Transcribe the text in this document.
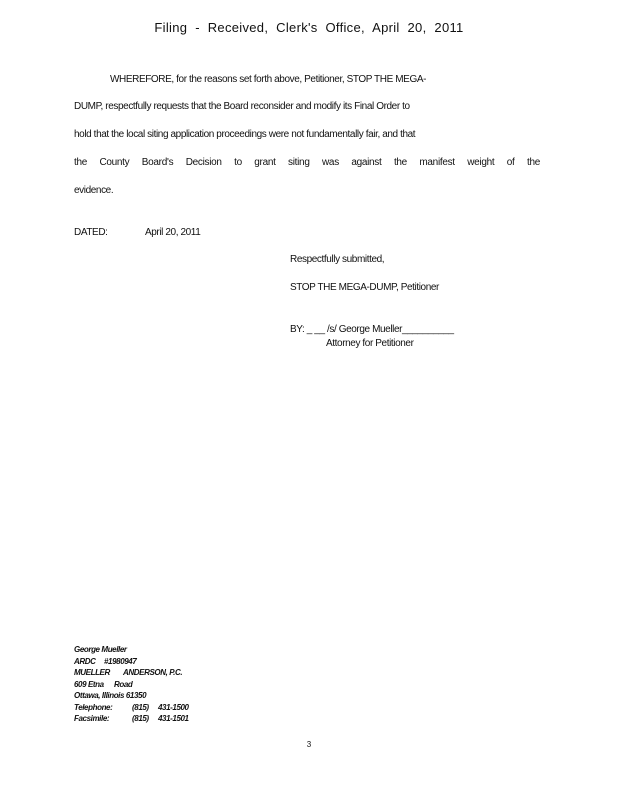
Filing - Received, Clerk's Office, April 20, 2011
WHEREFORE, for the reasons set forth above, Petitioner, STOP THE MEGA-
DUMP, respectfully requests that the Board reconsider and modify its Final Order to
hold that the local siting application proceedings were not fundamentally fair, and that
the County Board's Decision to grant siting was against the manifest weight of the
evidence.
DATED:	April 20, 2011
Respectfully submitted,
STOP THE MEGA-DUMP, Petitioner
BY: _ __ /s/ George Mueller__________
Attorney for Petitioner
George Mueller
ARDC #1980947
MUELLER ANDERSON, P.C.
609 Etna Road
Ottawa, Illinois 61350
Telephone: (815) 431-1500
Facsimile:	(815) 431-1501
3
